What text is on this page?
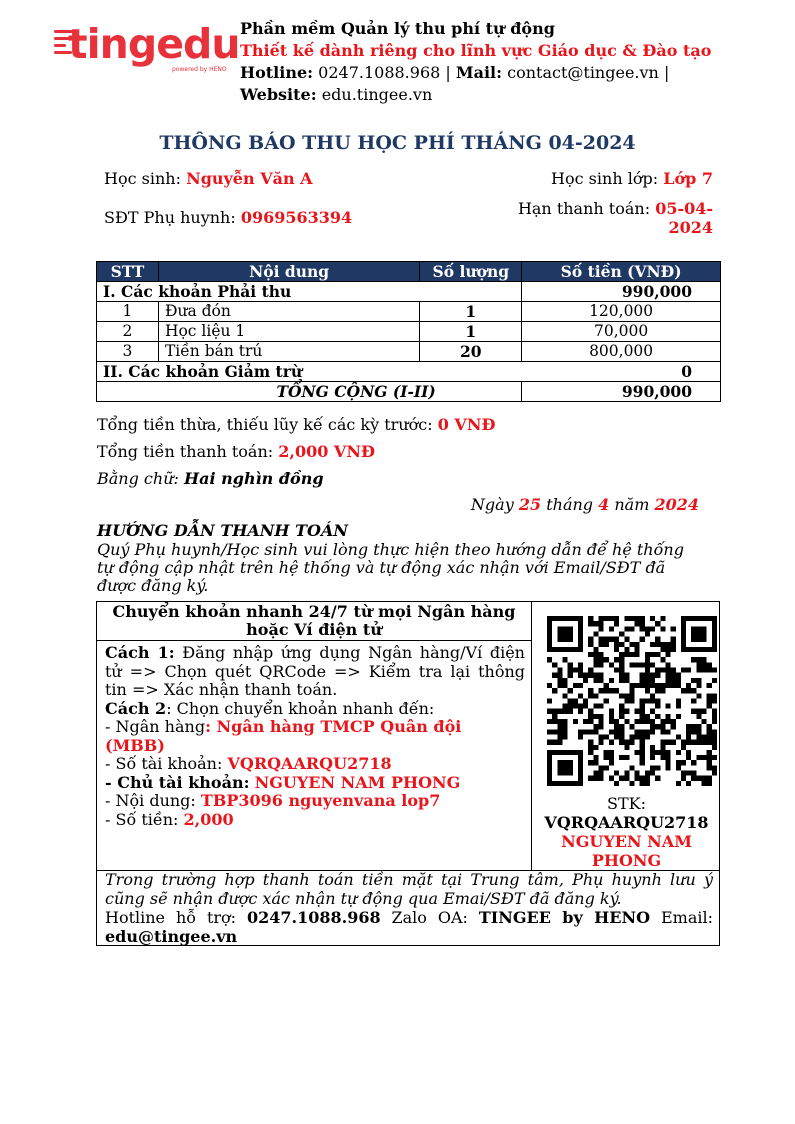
tingedu
powered by HENO
Phần mềm Quản lý thu phí tự động
Thiết kế dành riêng cho lĩnh vực Giáo dục & Đào tạo
Hotline: 0247.1088.968 | Mail: contact@tingee.vn |
Website: edu.tingee.vn
THÔNG BÁO THU HỌC PHÍ THÁNG 04-2024
Học sinh: Nguyễn Văn A	Học sinh lớp: Lớp 7
SĐT Phụ huynh: 0969563394	Hạn thanh toán: 05-04-
2024
STT	Nội dung	Số lượng	Số tiền (VNĐ)
I. Các khoản Phải thu			990,000
1	Đưa đón	1	120,000
2	Học liệu 1	1	70,000
3	Tiền bán trú	20	800,000
II. Các khoản Giảm trừ 0			

TỔNG CỘNG (I-II)			990,000
Tổng tiền thừa, thiếu lũy kế các kỳ trước: 0 VNĐ
Tổng tiền thanh toán: 2,000 VNĐ
Bằng chữ: Hai nghìn đồng
Ngày 25 tháng 4 năm 2024
HƯỚNG DẪN THANH TOÁN
Quý Phụ huynh/Học sinh vui lòng thực hiện theo hướng dẫn để hệ thống tự động cập nhật trên hệ thống và tự động xác nhận với Email/SĐT đã được đăng ký.
Chuyển khoản nhanh 24/7 từ mọi Ngân hàng hoặc Ví điện tử
Cách 1: Đăng nhập ứng dụng Ngân hàng/Ví điện tử => Chọn quét QRCode => Kiểm tra lại thông tin => Xác nhận thanh toán.
Cách 2: Chọn chuyển khoản nhanh đến:
- Ngân hàng: Ngân hàng TMCP Quân đội (MBB)
- Số tài khoản: VQRQAARQU2718
- Chủ tài khoản: NGUYEN NAM PHONG
- Nội dung: TBP3096 nguyenvana lop7
- Số tiền: 2,000
STK:
VQRQAARQU2718
NGUYEN NAM PHONG
Trong trường hợp thanh toán tiền mặt tại Trung tâm, Phụ huynh lưu ý cũng sẽ nhận được xác nhận tự động qua Emai/SĐT đã đăng ký.
Hotline hỗ trợ: 0247.1088.968 Zalo OA: TINGEE by HENO Email: edu@tingee.vn
